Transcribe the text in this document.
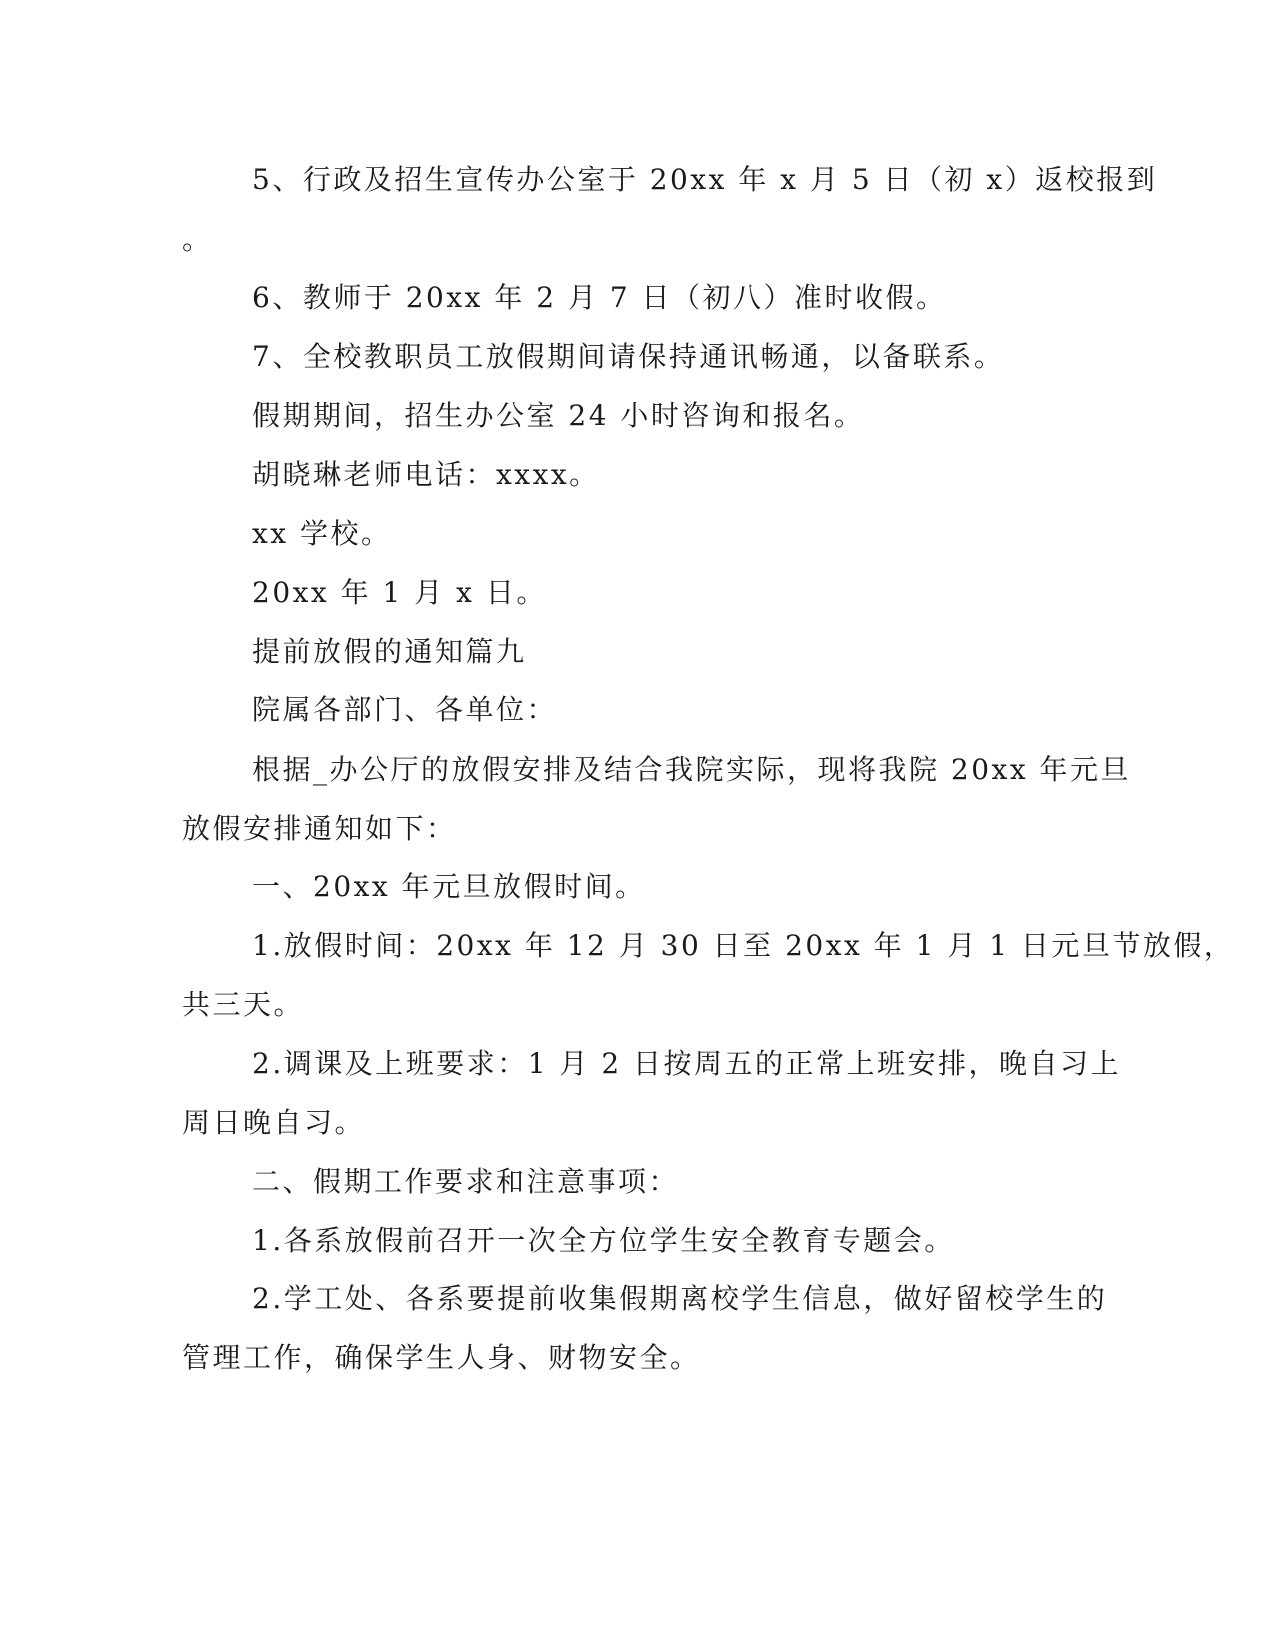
5、行政及招生宣传办公室于 20xx 年 x 月 5 日（初 x）返校报到
。
6、教师于 20xx 年 2 月 7 日（初八）准时收假。
7、全校教职员工放假期间请保持通讯畅通，以备联系。
假期期间，招生办公室 24 小时咨询和报名。
胡晓琳老师电话：xxxx。
xx 学校。
20xx 年 1 月 x 日。
提前放假的通知篇九
院属各部门、各单位：
根据_办公厅的放假安排及结合我院实际，现将我院 20xx 年元旦
放假安排通知如下：
一、20xx 年元旦放假时间。
1.放假时间：20xx 年 12 月 30 日至 20xx 年 1 月 1 日元旦节放假，
共三天。
2.调课及上班要求：1 月 2 日按周五的正常上班安排，晚自习上
周日晚自习。
二、假期工作要求和注意事项：
1.各系放假前召开一次全方位学生安全教育专题会。
2.学工处、各系要提前收集假期离校学生信息，做好留校学生的
管理工作，确保学生人身、财物安全。
